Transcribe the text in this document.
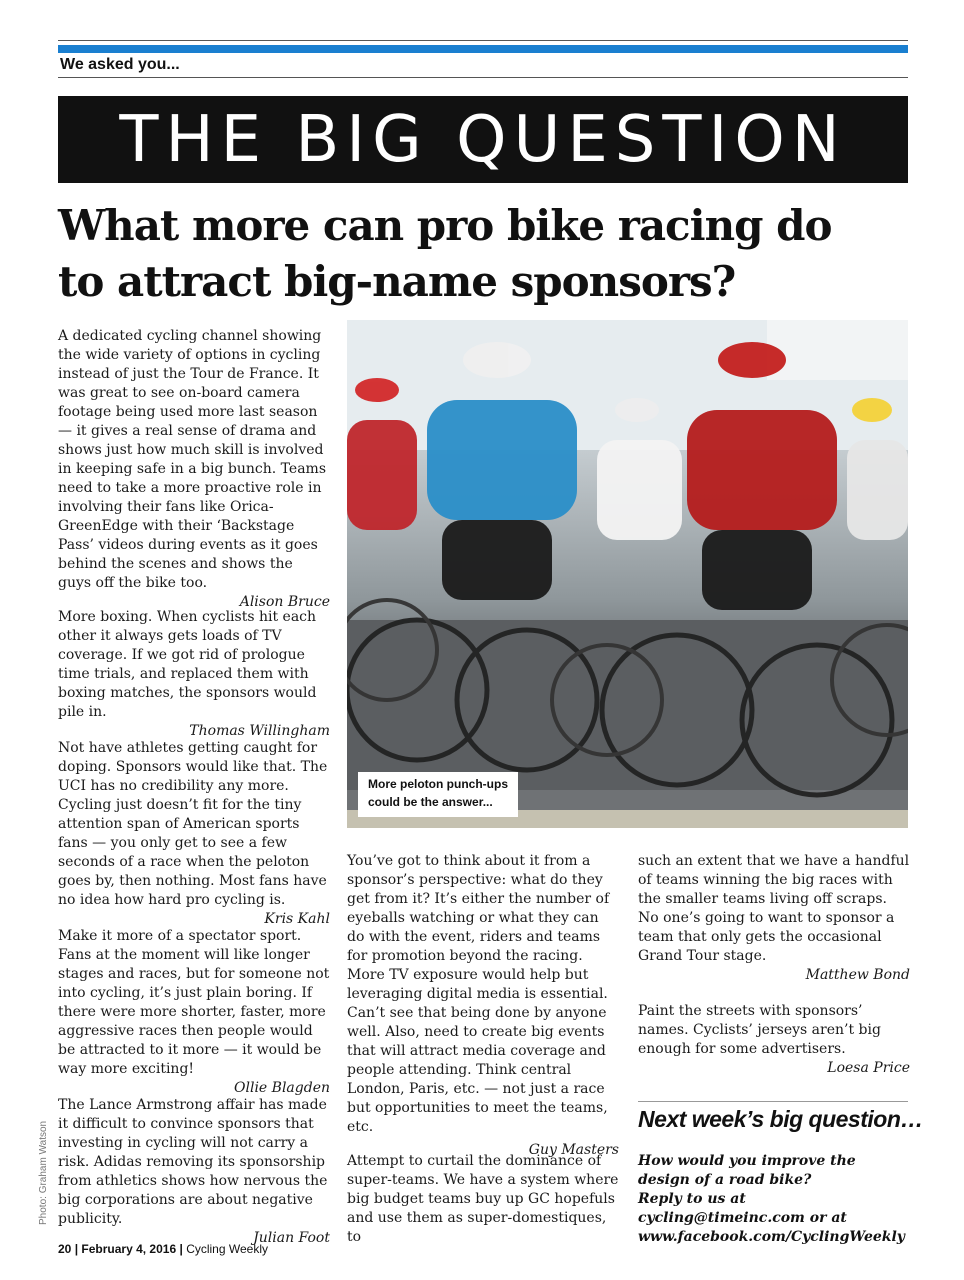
We asked you...
THE BIG QUESTION
What more can pro bike racing do
to attract big-name sponsors?

A dedicated cycling channel showing the wide variety of options in cycling instead of just the Tour de France. It was great to see on-board camera footage being used more last season — it gives a real sense of drama and shows just how much skill is involved in keeping safe in a big bunch. Teams need to take a more proactive role in involving their fans like Orica-GreenEdge with their ‘Backstage Pass’ videos during events as it goes behind the scenes and shows the guys off the bike too.

Alison Bruce

More boxing. When cyclists hit each other it always gets loads of TV coverage. If we got rid of prologue time trials, and replaced them with boxing matches, the sponsors would pile in.

Thomas Willingham

Not have athletes getting caught for doping. Sponsors would like that. The UCI has no credibility any more. Cycling just doesn’t fit for the tiny attention span of American sports fans — you only get to see a few seconds of a race when the peloton goes by, then nothing. Most fans have no idea how hard pro cycling is.

Kris Kahl

Make it more of a spectator sport. Fans at the moment will like longer stages and races, but for someone not into cycling, it’s just plain boring. If there were more shorter, faster, more aggressive races then people would be attracted to it more — it would be way more exciting!

Ollie Blagden

The Lance Armstrong affair has made it difficult to convince sponsors that investing in cycling will not carry a risk. Adidas removing its sponsorship from athletics shows how nervous the big corporations are about negative publicity.

Julian Foot

Photo: Graham Watson
More peloton punch-ups
could be the answer...

You’ve got to think about it from a sponsor’s perspective: what do they get from it? It’s either the number of eyeballs watching or what they can do with the event, riders and teams for promotion beyond the racing. More TV exposure would help but leveraging digital media is essential. Can’t see that being done by anyone well. Also, need to create big events that will attract media coverage and people attending. Think central London, Paris, etc. — not just a race but opportunities to meet the teams, etc.

Guy Masters

Attempt to curtail the dominance of super-teams. We have a system where big budget teams buy up GC hopefuls and use them as super-domestiques, to

such an extent that we have a handful of teams winning the big races with the smaller teams living off scraps. No one’s going to want to sponsor a team that only gets the occasional Grand Tour stage.

Matthew Bond

Paint the streets with sponsors’ names. Cyclists’ jerseys aren’t big enough for some advertisers.

Loesa Price

Next week’s big question…

How would you improve the design of a road bike?

Reply to us at cycling@timeinc.com or at www.facebook.com/CyclingWeekly

20 | February 4, 2016 | Cycling Weekly
